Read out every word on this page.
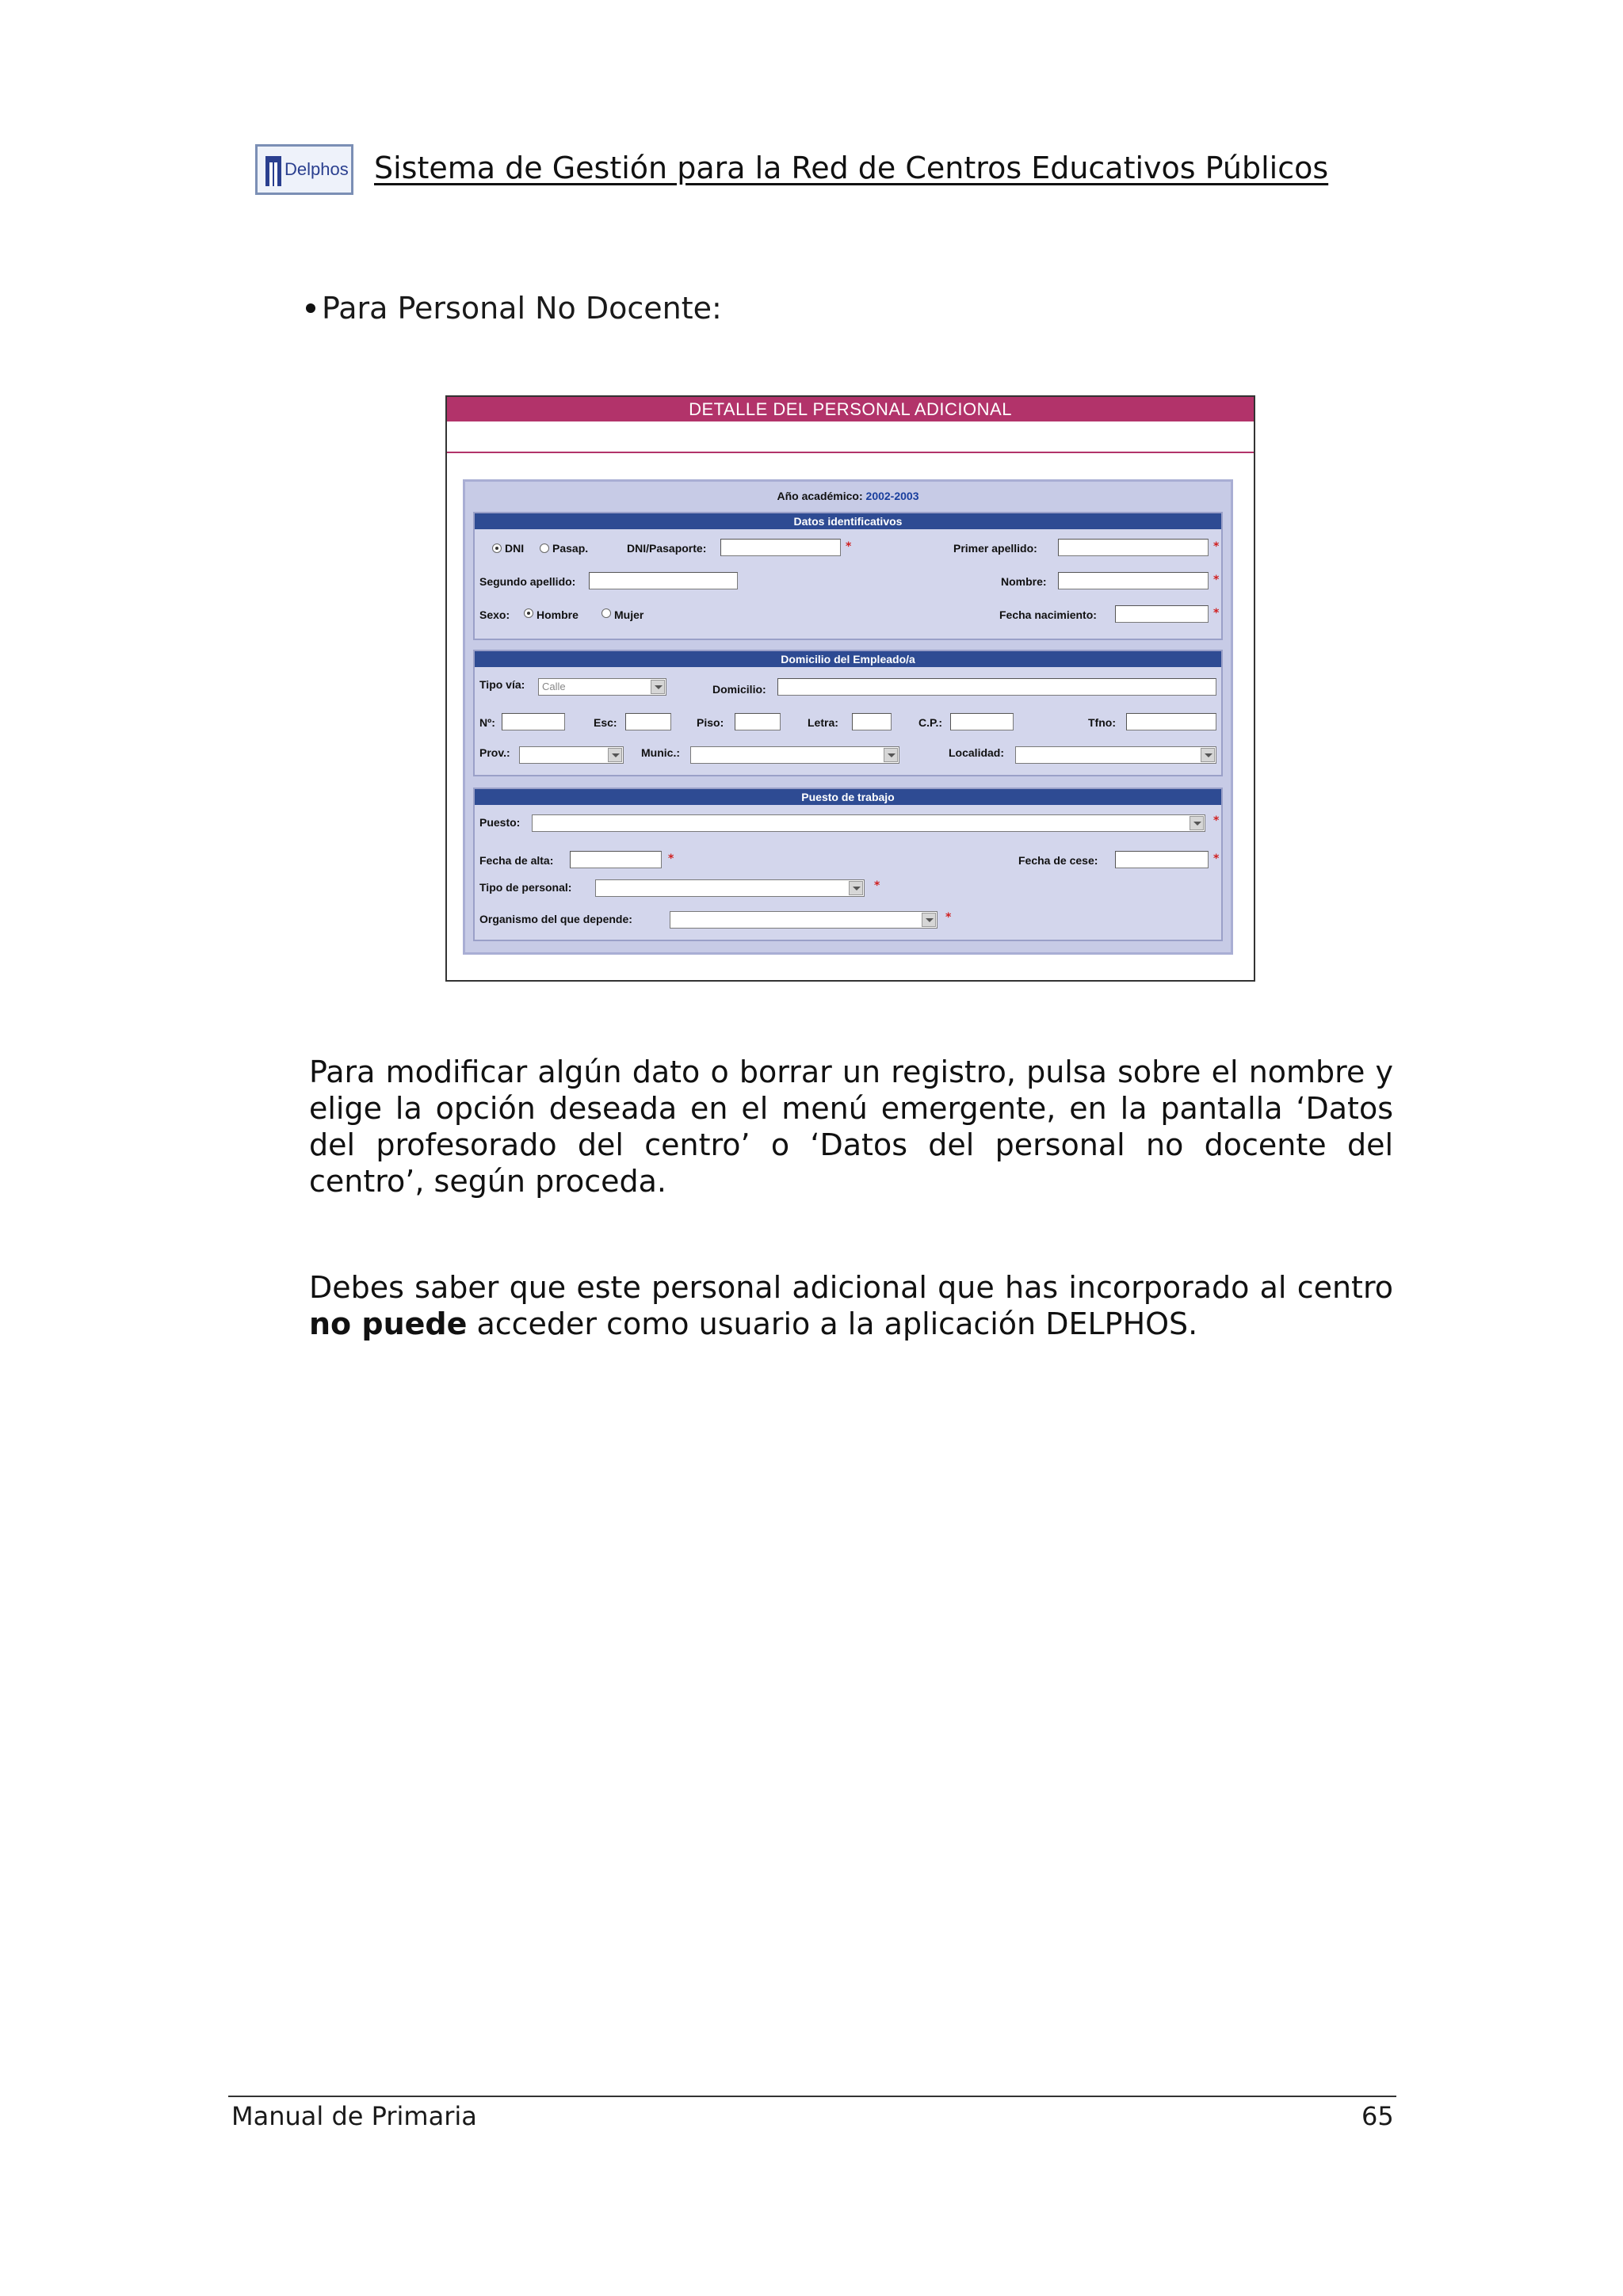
Delphos Sistema de Gestión para la Red de Centros Educativos Públicos
Para Personal No Docente:
DETALLE DEL PERSONAL ADICIONAL
Año académico: 2002-2003
Datos identificativos
DNI	Pasap.	DNI/Pasaporte:	*	Primer apellido:	*
Segundo apellido:	Nombre:	*
Sexo: Hombre	Mujer	Fecha nacimiento:	*
Domicilio del Empleado/a
Tipo vía: Calle	Domicilio:
Nº:	Esc:	Piso:	Letra:	C.P.:	Tfno:
Prov.:	Munic.:	Localidad:
Puesto de trabajo
Puesto:	*
Fecha de alta:	*	Fecha de cese:	*
Tipo de personal:	*
Organismo del que depende:	*
Para modificar algún dato o borrar un registro, pulsa sobre el nombre y elige la opción deseada en el menú emergente, en la pantalla ‘Datos del profesorado del centro’ o ‘Datos del personal no docente del centro’, según proceda.
Debes saber que este personal adicional que has incorporado al centro no puede acceder como usuario a la aplicación DELPHOS.
Manual de Primaria	65
